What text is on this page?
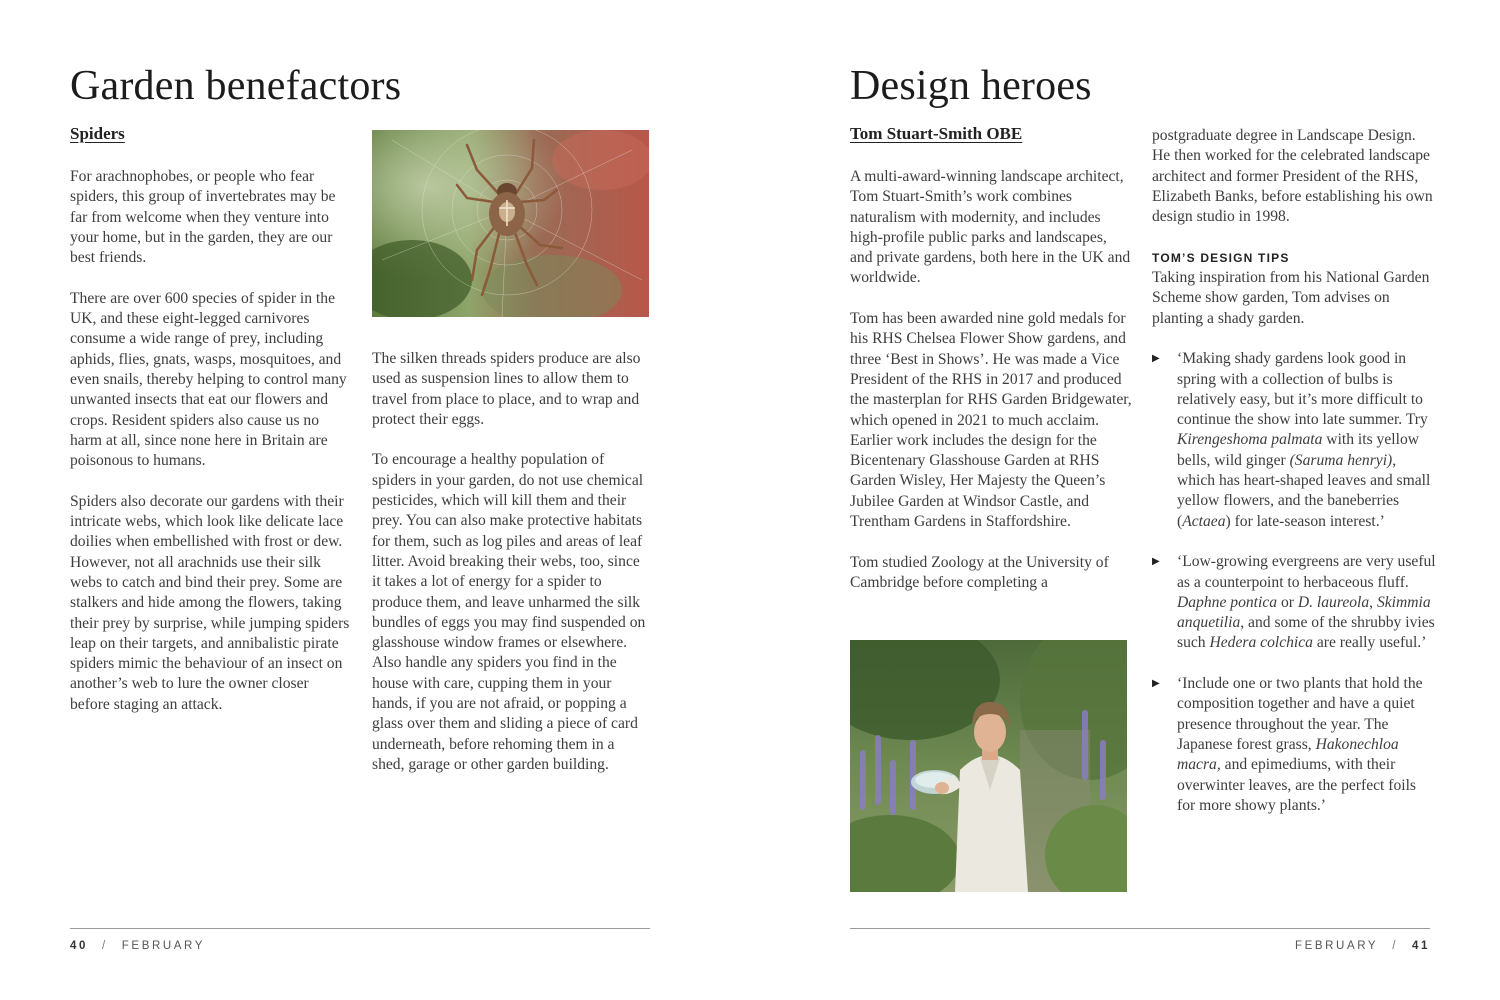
Garden benefactors
Spiders

For arachnophobes, or people who fear spiders, this group of invertebrates may be far from welcome when they venture into your home, but in the garden, they are our best friends.

There are over 600 species of spider in the UK, and these eight-legged carnivores consume a wide range of prey, including aphids, flies, gnats, wasps, mosquitoes, and even snails, thereby helping to control many unwanted insects that eat our flowers and crops. Resident spiders also cause us no harm at all, since none here in Britain are poisonous to humans.

Spiders also decorate our gardens with their intricate webs, which look like delicate lace doilies when embellished with frost or dew. However, not all arachnids use their silk webs to catch and bind their prey. Some are stalkers and hide among the flowers, taking their prey by surprise, while jumping spiders leap on their targets, and annibalistic pirate spiders mimic the behaviour of an insect on another’s web to lure the owner closer before staging an attack.

The silken threads spiders produce are also used as suspension lines to allow them to travel from place to place, and to wrap and protect their eggs.

To encourage a healthy population of spiders in your garden, do not use chemical pesticides, which will kill them and their prey. You can also make protective habitats for them, such as log piles and areas of leaf litter. Avoid breaking their webs, too, since it takes a lot of energy for a spider to produce them, and leave unharmed the silk bundles of eggs you may find suspended on glasshouse window frames or elsewhere. Also handle any spiders you find in the house with care, cupping them in your hands, if you are not afraid, or popping a glass over them and sliding a piece of card underneath, before rehoming them in a shed, garage or other garden building.

40 / FEBRUARY
Design heroes
Tom Stuart-Smith OBE

A multi-award-winning landscape architect, Tom Stuart-Smith’s work combines naturalism with modernity, and includes high-profile public parks and landscapes, and private gardens, both here in the UK and worldwide.

Tom has been awarded nine gold medals for his RHS Chelsea Flower Show gardens, and three ‘Best in Shows’. He was made a Vice President of the RHS in 2017 and produced the masterplan for RHS Garden Bridgewater, which opened in 2021 to much acclaim. Earlier work includes the design for the Bicentenary Glasshouse Garden at RHS Garden Wisley, Her Majesty the Queen’s Jubilee Garden at Windsor Castle, and Trentham Gardens in Staffordshire.

Tom studied Zoology at the University of Cambridge before completing a

postgraduate degree in Landscape Design. He then worked for the celebrated landscape architect and former President of the RHS, Elizabeth Banks, before establishing his own design studio in 1998.

TOM’S DESIGN TIPS

Taking inspiration from his National Garden Scheme show garden, Tom advises on planting a shady garden.

▶ ‘Making shady gardens look good in spring with a collection of bulbs is relatively easy, but it’s more difficult to continue the show into late summer. Try Kirengeshoma palmata with its yellow bells, wild ginger (Saruma henryi), which has heart-shaped leaves and small yellow flowers, and the baneberries (Actaea) for late-season interest.’

▶ ‘Low-growing evergreens are very useful as a counterpoint to herbaceous fluff. Daphne pontica or D. laureola, Skimmia anquetilia, and some of the shrubby ivies such Hedera colchica are really useful.’

▶ ‘Include one or two plants that hold the composition together and have a quiet presence throughout the year. The Japanese forest grass, Hakonechloa macra, and epimediums, with their overwinter leaves, are the perfect foils for more showy plants.’

FEBRUARY / 41
